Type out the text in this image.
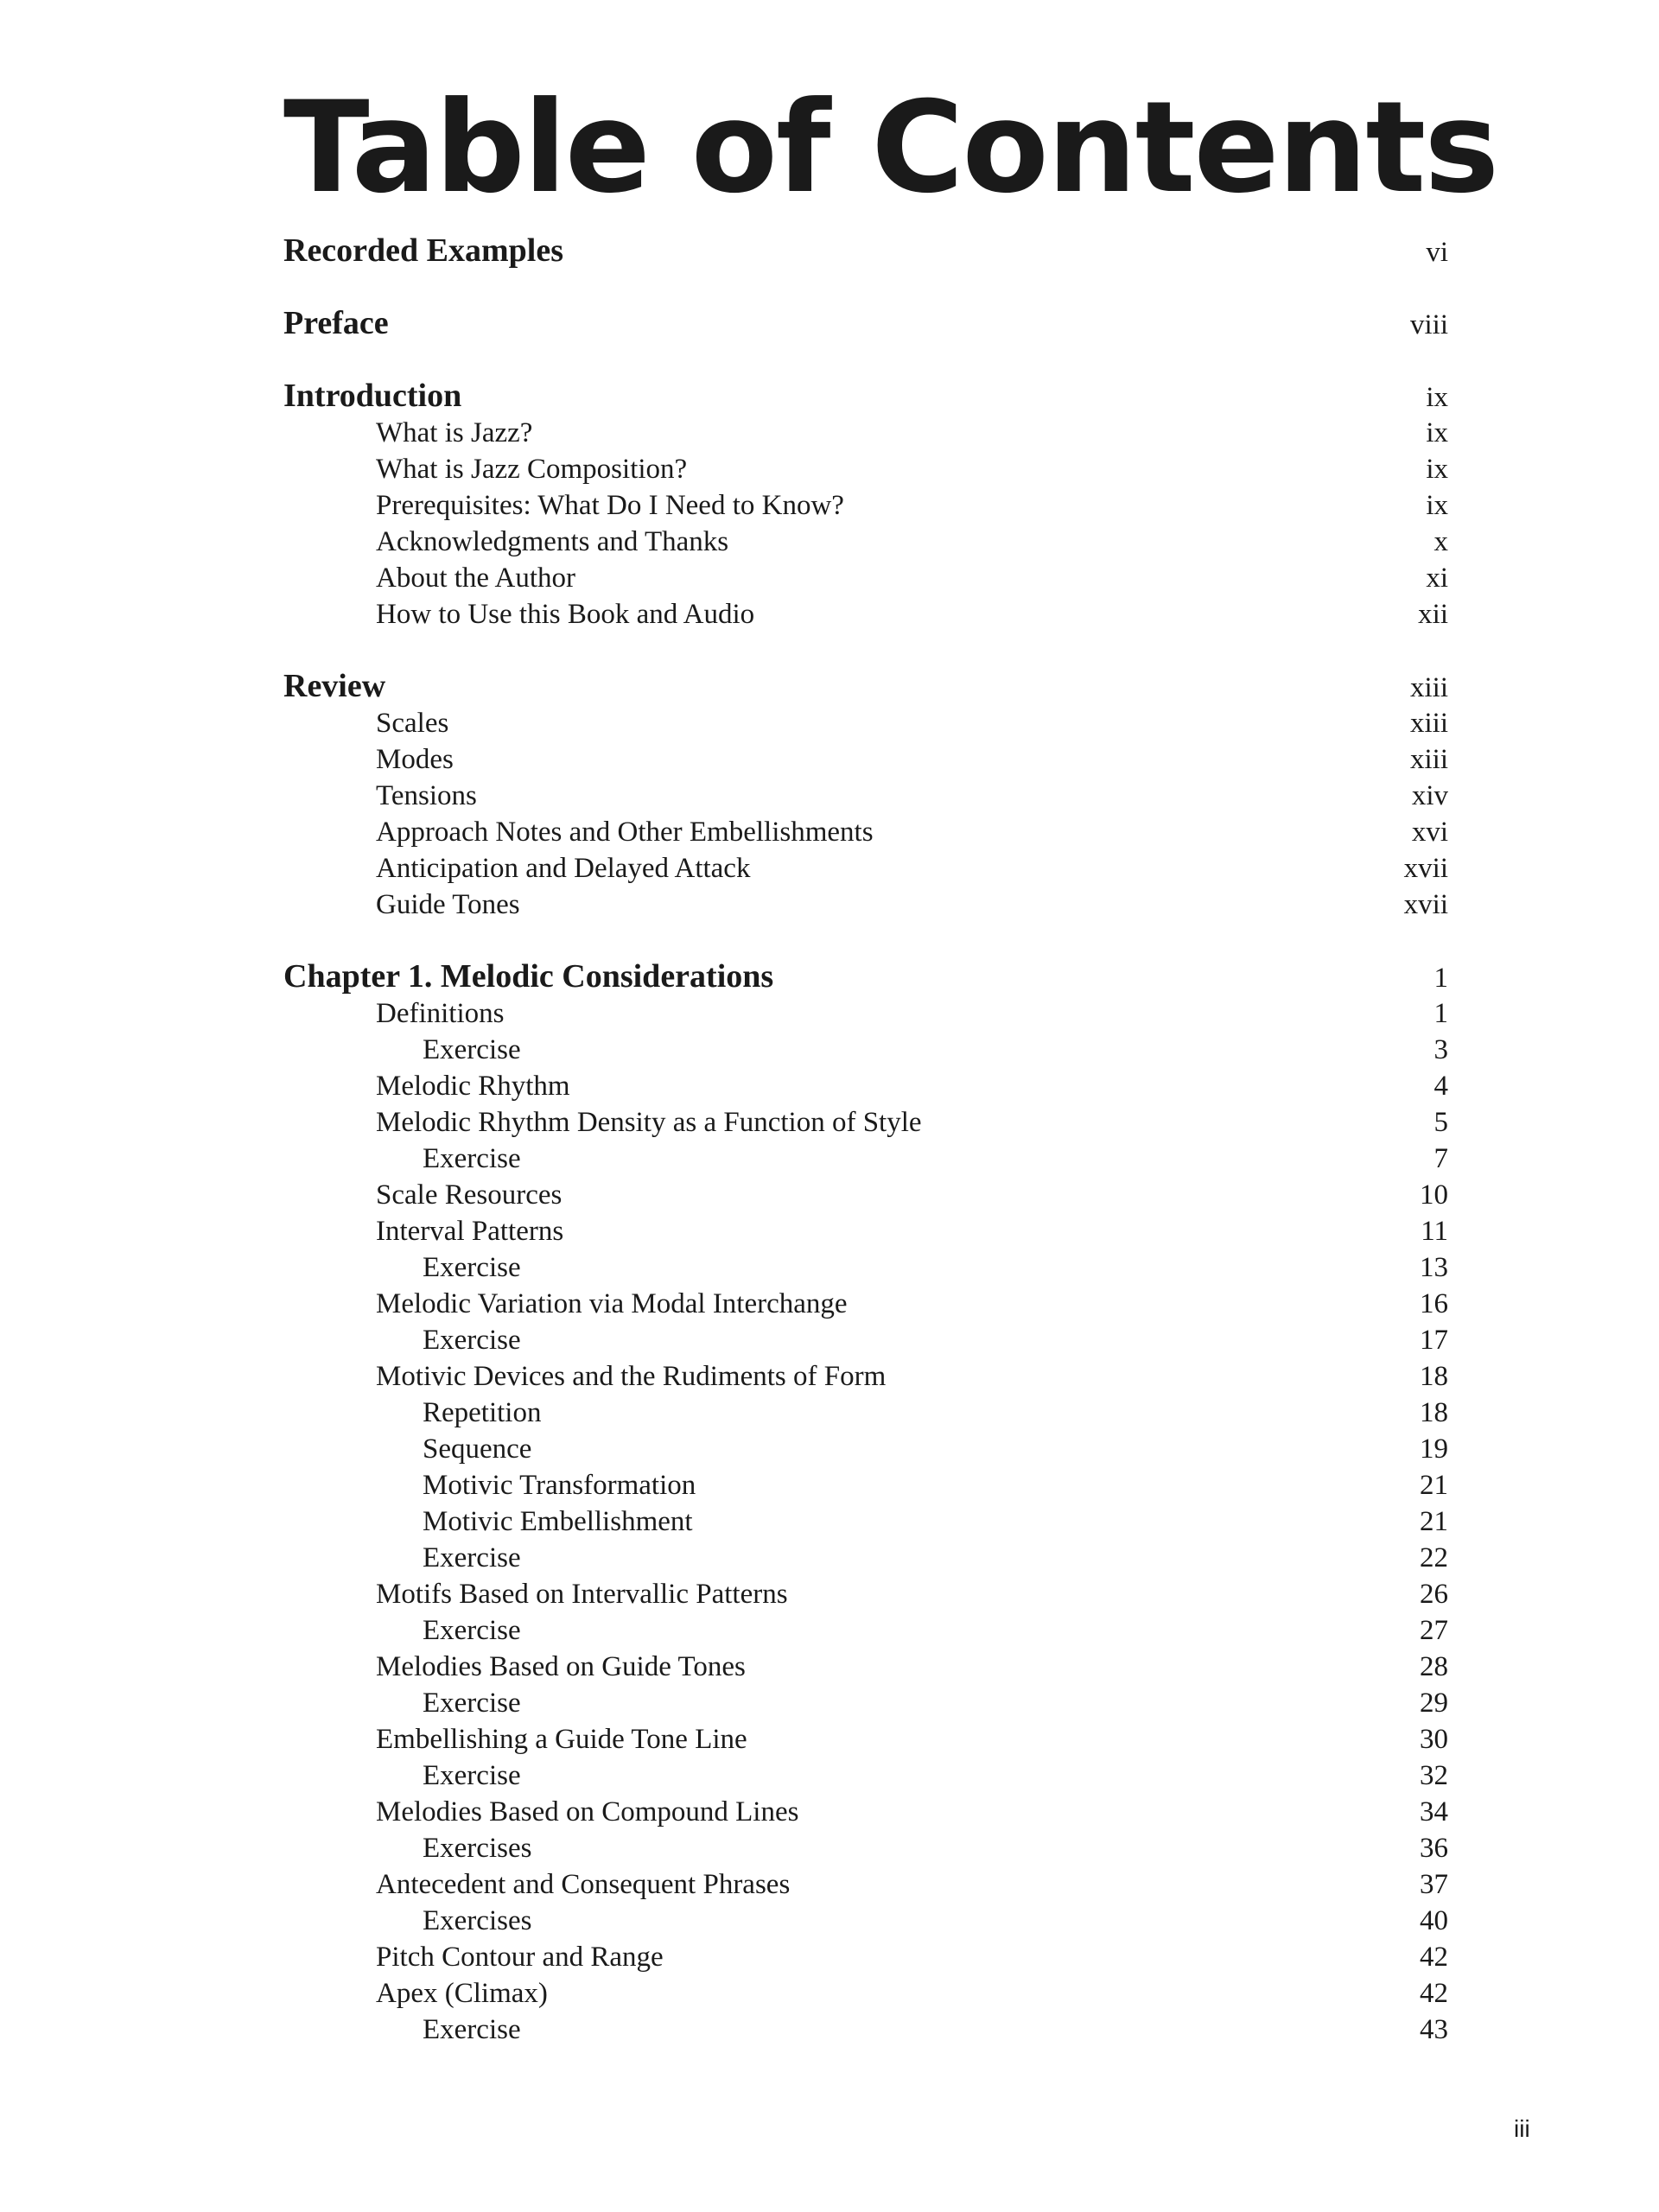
Table of Contents
Recorded Examples	vi
Preface	viii
Introduction	ix
What is Jazz?	ix
What is Jazz Composition?	ix
Prerequisites: What Do I Need to Know?	ix
Acknowledgments and Thanks	x
About the Author	xi
How to Use this Book and Audio	xii
Review	xiii
Scales	xiii
Modes	xiii
Tensions	xiv
Approach Notes and Other Embellishments	xvi
Anticipation and Delayed Attack	xvii
Guide Tones	xvii
Chapter 1. Melodic Considerations	1
Definitions	1
Exercise	3
Melodic Rhythm	4
Melodic Rhythm Density as a Function of Style	5
Exercise	7
Scale Resources	10
Interval Patterns	11
Exercise	13
Melodic Variation via Modal Interchange	16
Exercise	17
Motivic Devices and the Rudiments of Form	18
Repetition	18
Sequence	19
Motivic Transformation	21
Motivic Embellishment	21
Exercise	22
Motifs Based on Intervallic Patterns	26
Exercise	27
Melodies Based on Guide Tones	28
Exercise	29
Embellishing a Guide Tone Line	30
Exercise	32
Melodies Based on Compound Lines	34
Exercises	36
Antecedent and Consequent Phrases	37
Exercises	40
Pitch Contour and Range	42
Apex (Climax)	42
Exercise	43
iii
